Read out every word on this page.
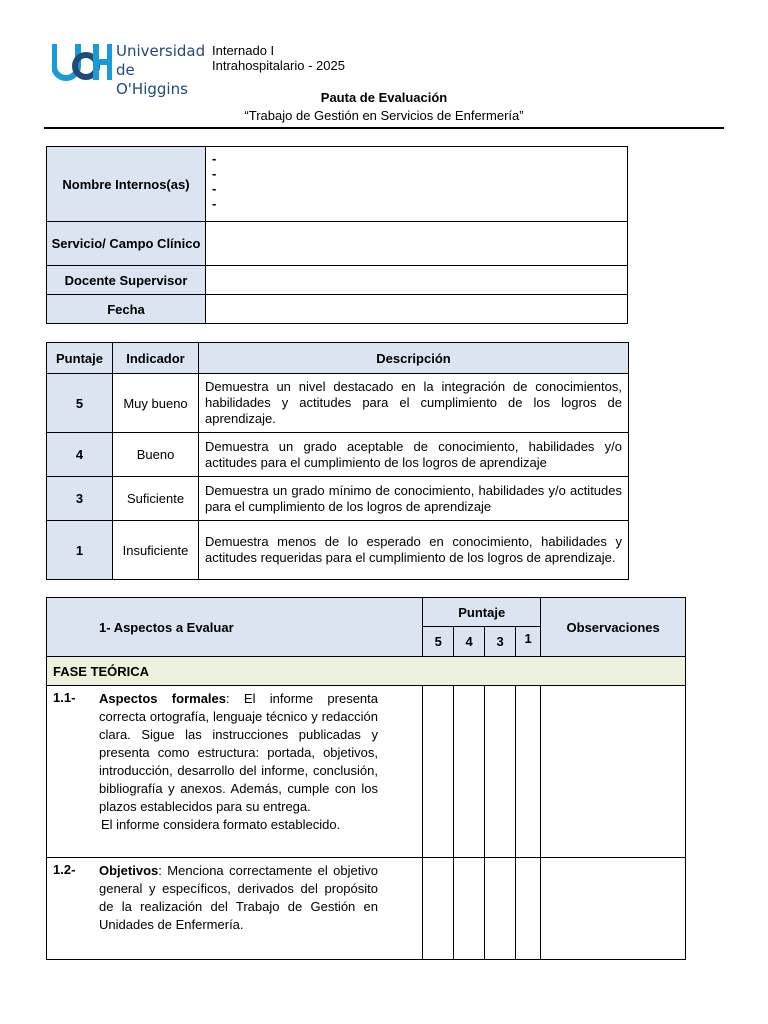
Universidad
de O'Higgins
Internado I
Intrahospitalario - 2025
Pauta de Evaluación
“Trabajo de Gestión en Servicios de Enfermería”
Nombre Internos(as)	-
-
-
-

Servicio/ Campo Clínico	
Docente Supervisor	
Fecha	
Puntaje	Indicador	Descripción
5	Muy bueno	Demuestra un nivel destacado en la integración de conocimientos, habilidades y actitudes para el cumplimiento de los logros de aprendizaje.
4	Bueno	Demuestra un grado aceptable de conocimiento, habilidades y/o actitudes para el cumplimiento de los logros de aprendizaje
3	Suficiente	Demuestra un grado mínimo de conocimiento, habilidades y/o actitudes para el cumplimiento de los logros de aprendizaje
1	Insuficiente	Demuestra menos de lo esperado en conocimiento, habilidades y actitudes requeridas para el cumplimiento de los logros de aprendizaje.
1- Aspectos a Evaluar	Puntaje				Observaciones
	5	4	3	1	
FASE TEÓRICA					

1.1- Aspectos formales: El informe presenta correcta ortografía, lenguaje técnico y redacción clara. Sigue las instrucciones publicadas y presenta como estructura: portada, objetivos, introducción, desarrollo del informe, conclusión, bibliografía y anexos. Además, cumple con los plazos establecidos para su entrega.
El informe considera formato establecido.					

1.2- Objetivos: Menciona correctamente el objetivo general y específicos, derivados del propósito de la realización del Trabajo de Gestión en Unidades de Enfermería.					
